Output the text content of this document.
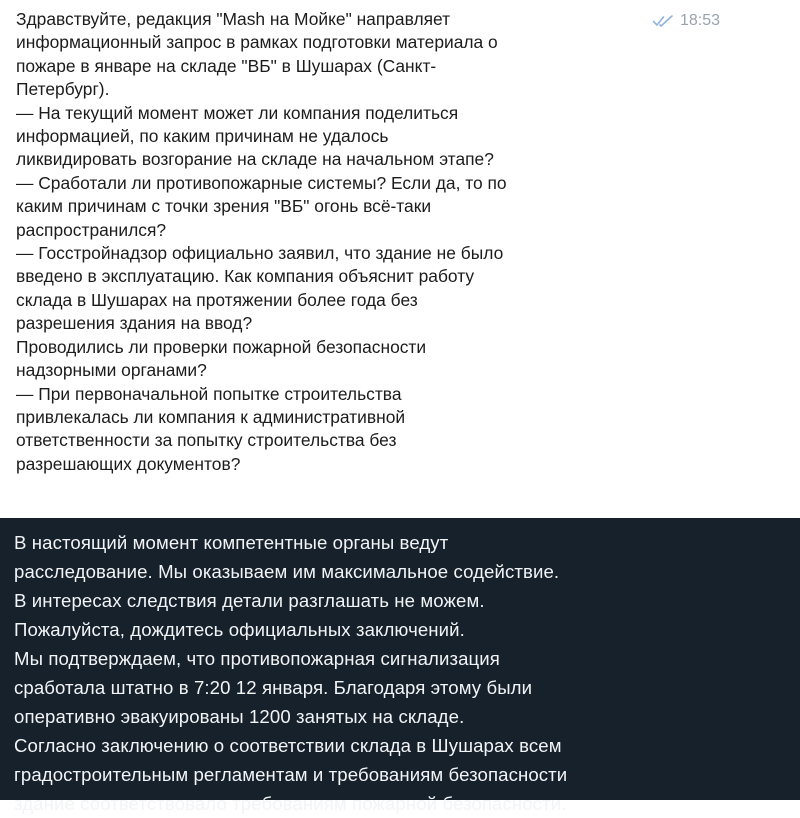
Здравствуйте, редакция "Mash на Мойке" направляет

информационный запрос в рамках подготовки материала о

пожаре в январе на складе "ВБ" в Шушарах (Санкт-

Петербург).

— На текущий момент может ли компания поделиться

информацией, по каким причинам не удалось

ликвидировать возгорание на складе на начальном этапе?

— Сработали ли противопожарные системы? Если да, то по

каким причинам с точки зрения "ВБ" огонь всё-таки

распространился?

— Госстройнадзор официально заявил, что здание не было

введено в эксплуатацию. Как компания объяснит работу

склада в Шушарах на протяжении более года без

разрешения здания на ввод?

Проводились ли проверки пожарной безопасности

надзорными органами?

— При первоначальной попытке строительства

привлекалась ли компания к административной

ответственности за попытку строительства без

разрешающих документов?

18:53

В настоящий момент компетентные органы ведут

расследование. Мы оказываем им максимальное содействие.

В интересах следствия детали разглашать не можем.

Пожалуйста, дождитесь официальных заключений.

Мы подтверждаем, что противопожарная сигнализация

сработала штатно в 7:20 12 января. Благодаря этому были

оперативно эвакуированы 1200 занятых на складе.

Согласно заключению о соответствии склада в Шушарах всем

градостроительным регламентам и требованиям безопасности

здание соответствовало требованиям пожарной безопасности.
